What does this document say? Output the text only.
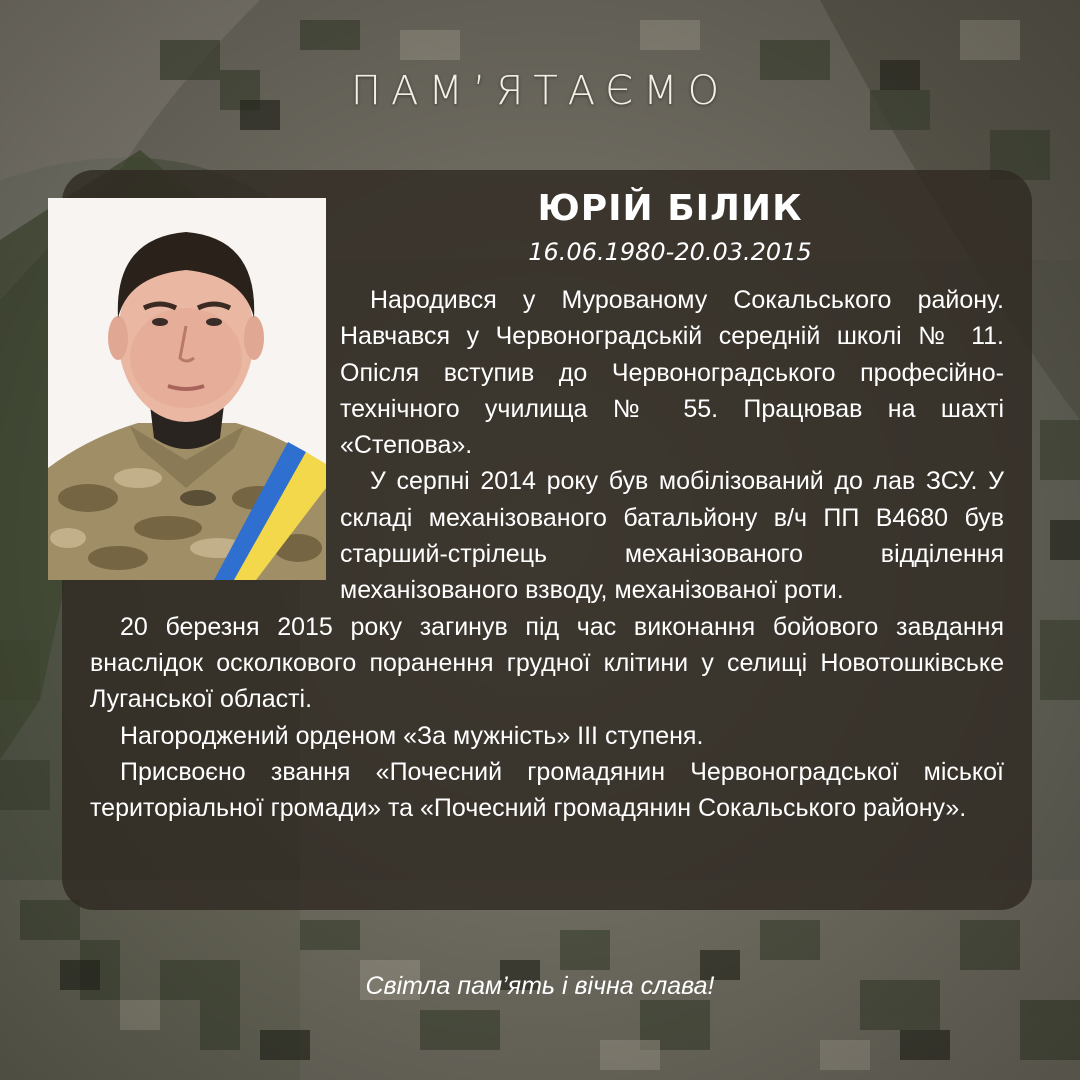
ПАМ’ЯТАЄМО
ЮРІЙ БІЛИК
16.06.1980-20.03.2015

Народився у Мурованому Сокальського району. Навчався у Червоноградській середній школі № 11. Опісля вступив до Червоноградського професійно-технічного училища № 55. Працював на шахті «Степова».

У серпні 2014 року був мобілізований до лав ЗСУ. У складі механізованого батальйону в/ч ПП В4680 був старший-стрілець механізованого відділення механізованого взводу, механізованої роти.

20 березня 2015 року загинув під час виконання бойового завдання внаслідок осколкового поранення грудної клітини у селищі Новотошківське Луганської області.

Нагороджений орденом «За мужність» ІІІ ступеня.

Присвоєно звання «Почесний громадянин Червоноградської міської територіальної громади» та «Почесний громадянин Сокальського району».

Світла пам’ять і вічна слава!
